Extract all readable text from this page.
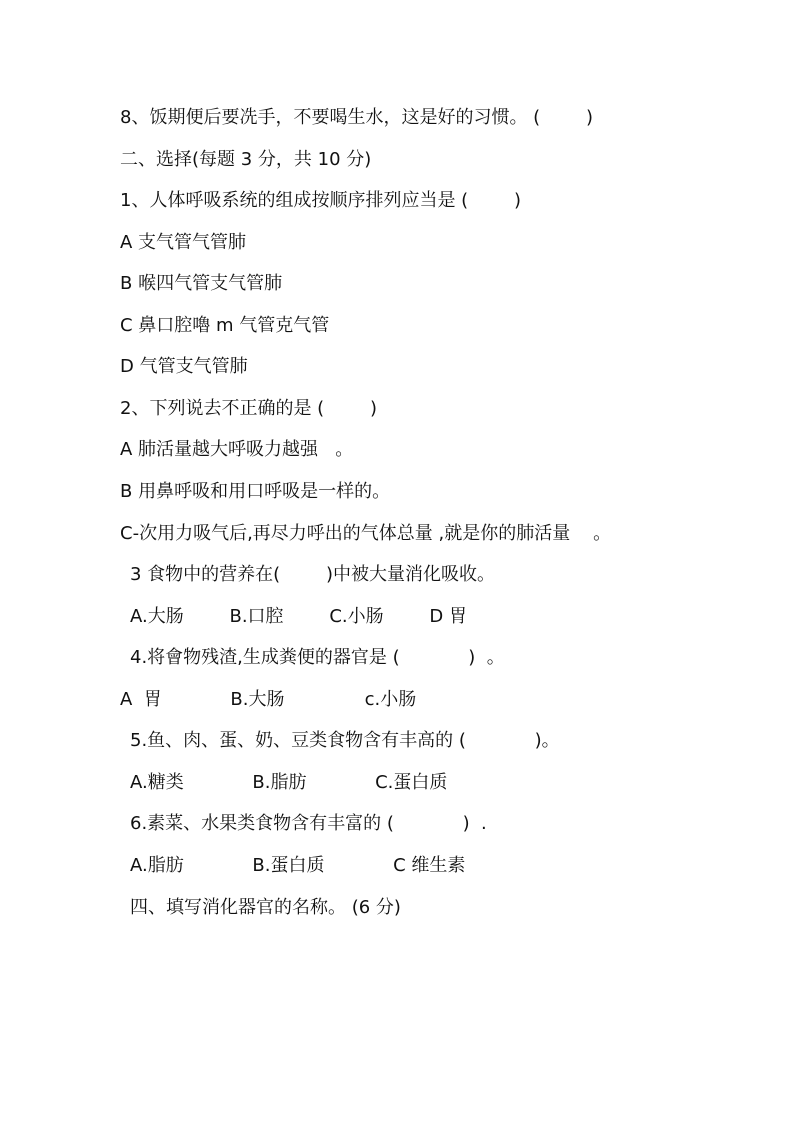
8、饭期便后要冼手，不要喝生水，这是好的习惯。 (        )
二、选择(每题 3 分，共 10 分)
1、人体呼吸系统的组成按顺序排列应当是 (        )
A 支气管气管肺
B 喉四气管支气管肺
C 鼻口腔嚕 m 气管克气管
D 气管支气管肺
2、下列说去不正确的是 (        )
A 肺活量越大呼吸力越强   。
B 用鼻呼吸和用口呼吸是一样的。
C-次用力吸气后,再尽力呼出的气体总量 ,就是你的肺活量    。
3 食物中的营养在(        )中被大量消化吸收。
A.大肠        B.口腔        C.小肠        D 胃
4.将會物残渣,生成粪便的器官是 (            )  。
A  胃            B.大肠              c.小肠
5.鱼、肉、蛋、奶、豆类食物含有丰高的 (            )。
A.糖类            B.脂肪            C.蛋白质
6.素菜、水果类食物含有丰富的 (            )  .
A.脂肪            B.蛋白质            C 维生素
四、填写消化器官的名称。 (6 分)
